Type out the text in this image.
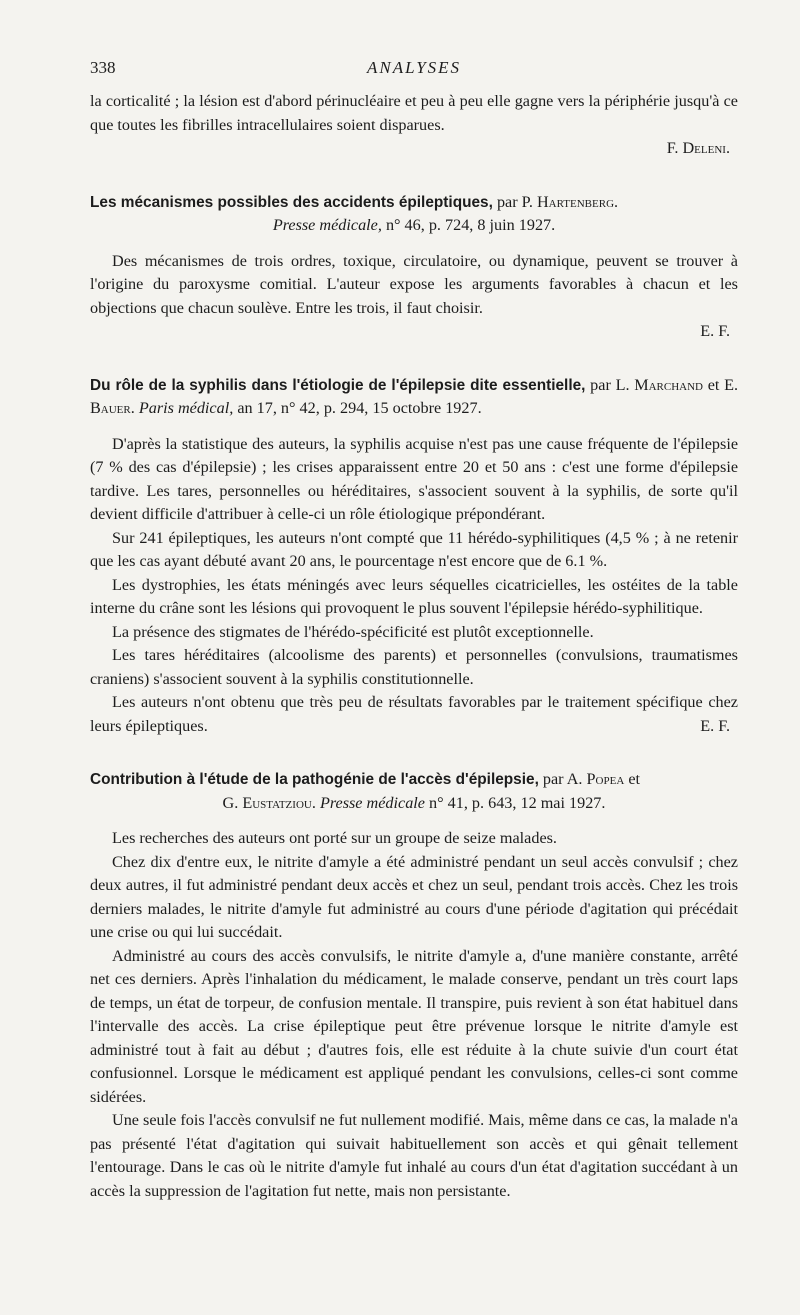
338	ANALYSES

la corticalité ; la lésion est d'abord périnucléaire et peu à peu elle gagne vers la périphérie jusqu'à ce que toutes les fibrilles intracellulaires soient disparues.

F. Deleni.
Les mécanismes possibles des accidents épileptiques, par P. Hartenberg.
Presse médicale, n° 46, p. 724, 8 juin 1927.

Des mécanismes de trois ordres, toxique, circulatoire, ou dynamique, peuvent se trouver à l'origine du paroxysme comitial. L'auteur expose les arguments favorables à chacun et les objections que chacun soulève. Entre les trois, il faut choisir.

E. F.
Du rôle de la syphilis dans l'étiologie de l'épilepsie dite essentielle, par L. Marchand et E. Bauer. Paris médical, an 17, n° 42, p. 294, 15 octobre 1927.

D'après la statistique des auteurs, la syphilis acquise n'est pas une cause fréquente de l'épilepsie (7 % des cas d'épilepsie) ; les crises apparaissent entre 20 et 50 ans : c'est une forme d'épilepsie tardive. Les tares, personnelles ou héréditaires, s'associent souvent à la syphilis, de sorte qu'il devient difficile d'attribuer à celle-ci un rôle étiologique prépondérant.

Sur 241 épileptiques, les auteurs n'ont compté que 11 hérédo-syphilitiques (4,5 % ; à ne retenir que les cas ayant débuté avant 20 ans, le pourcentage n'est encore que de 6.1 %.

Les dystrophies, les états méningés avec leurs séquelles cicatricielles, les ostéites de la table interne du crâne sont les lésions qui provoquent le plus souvent l'épilepsie hérédo-syphilitique.

La présence des stigmates de l'hérédo-spécificité est plutôt exceptionnelle.

Les tares héréditaires (alcoolisme des parents) et personnelles (convulsions, traumatismes craniens) s'associent souvent à la syphilis constitutionnelle.

Les auteurs n'ont obtenu que très peu de résultats favorables par le traitement spécifique chez leurs épileptiques.	E. F.

Contribution à l'étude de la pathogénie de l'accès d'épilepsie, par A. Popea et
G. Eustatziou. Presse médicale n° 41, p. 643, 12 mai 1927.

Les recherches des auteurs ont porté sur un groupe de seize malades.

Chez dix d'entre eux, le nitrite d'amyle a été administré pendant un seul accès convulsif ; chez deux autres, il fut administré pendant deux accès et chez un seul, pendant trois accès. Chez les trois derniers malades, le nitrite d'amyle fut administré au cours d'une période d'agitation qui précédait une crise ou qui lui succédait.

Administré au cours des accès convulsifs, le nitrite d'amyle a, d'une manière constante, arrêté net ces derniers. Après l'inhalation du médicament, le malade conserve, pendant un très court laps de temps, un état de torpeur, de confusion mentale. Il transpire, puis revient à son état habituel dans l'intervalle des accès. La crise épileptique peut être prévenue lorsque le nitrite d'amyle est administré tout à fait au début ; d'autres fois, elle est réduite à la chute suivie d'un court état confusionnel. Lorsque le médicament est appliqué pendant les convulsions, celles-ci sont comme sidérées.

Une seule fois l'accès convulsif ne fut nullement modifié. Mais, même dans ce cas, la malade n'a pas présenté l'état d'agitation qui suivait habituellement son accès et qui gênait tellement l'entourage. Dans le cas où le nitrite d'amyle fut inhalé au cours d'un état d'agitation succédant à un accès la suppression de l'agitation fut nette, mais non persistante.
